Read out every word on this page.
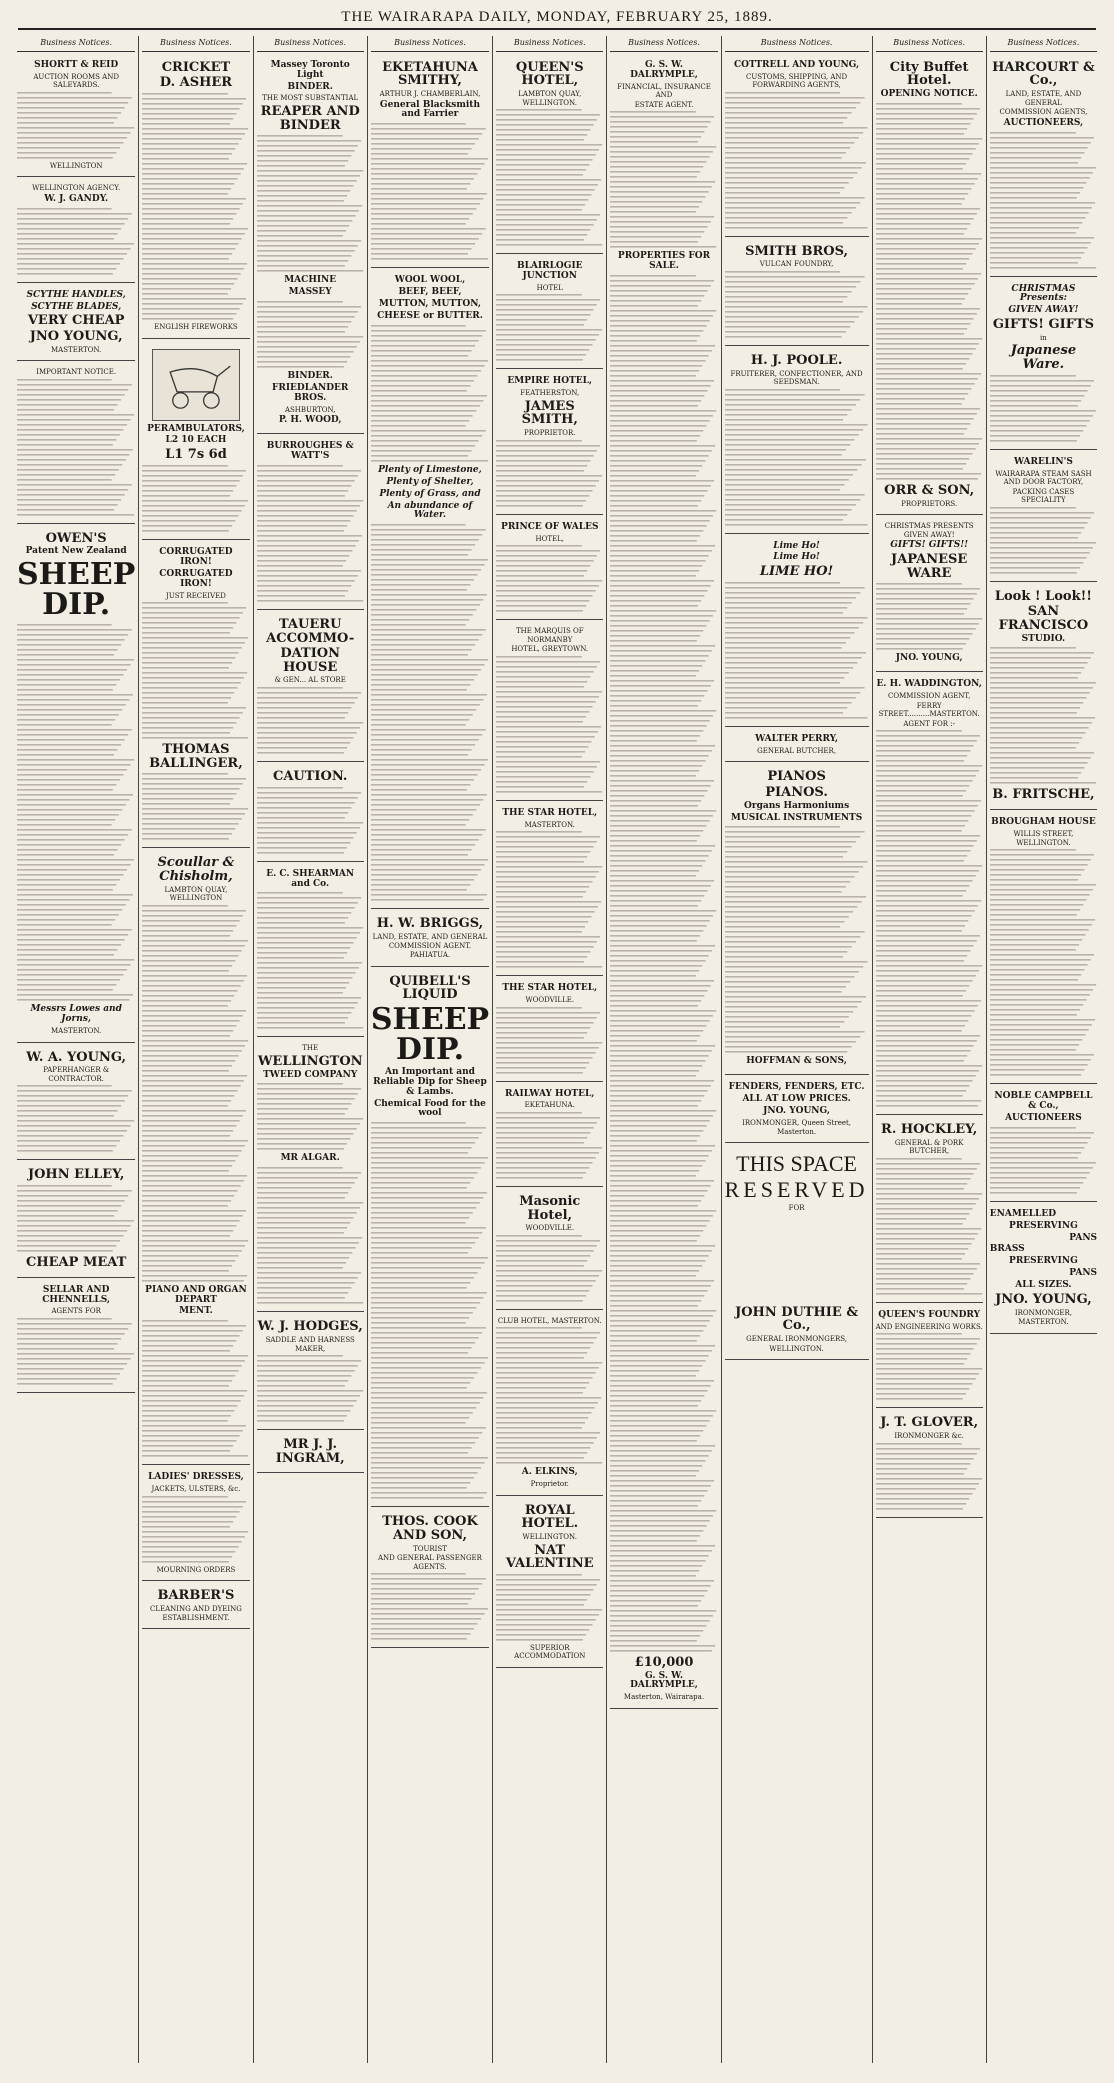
THE WAIRARAPA DAILY, MONDAY, FEBRUARY 25, 1889.
Business Notices.
SHORTT & REID
AUCTION ROOMS AND SALEYARDS.
WELLINGTON
WELLINGTON AGENCY.
W. J. GANDY.
SCYTHE HANDLES,
SCYTHE BLADES,
VERY CHEAP
JNO YOUNG,
MASTERTON.
IMPORTANT NOTICE.
OWEN'S
Patent New Zealand
SHEEP DIP.
Messrs Lowes and Jorns,
MASTERTON.
W. A. YOUNG,
PAPERHANGER & CONTRACTOR.
JOHN ELLEY,
CHEAP MEAT
SELLAR AND CHENNELLS,
AGENTS FOR
Business Notices.
CRICKET
D. ASHER
ENGLISH FIREWORKS
PERAMBULATORS,
L2 10 EACH
L1 7s 6d
CORRUGATED IRON!
CORRUGATED IRON!
JUST RECEIVED
THOMAS BALLINGER,
Scoullar & Chisholm,
LAMBTON QUAY, WELLINGTON
PIANO AND ORGAN DEPART
MENT.
LADIES' DRESSES,
JACKETS, ULSTERS, &c.
MOURNING ORDERS
BARBER'S
CLEANING AND DYEING ESTABLISHMENT.
Business Notices.
Massey Toronto Light
BINDER.
THE MOST SUBSTANTIAL
REAPER AND BINDER
MACHINE
MASSEY
BINDER.
FRIEDLANDER BROS.
ASHBURTON,
P. H. WOOD,
BURROUGHES & WATT'S
TAUERU ACCOMMO-
DATION HOUSE
& GEN... AL STORE
CAUTION.
E. C. SHEARMAN and Co.
THE
WELLINGTON
TWEED COMPANY
MR ALGAR.
W. J. HODGES,
SADDLE AND HARNESS MAKER,
MR J. J. INGRAM,
Business Notices.
EKETAHUNA SMITHY,
ARTHUR J. CHAMBERLAIN,
General Blacksmith and Farrier
WOOL WOOL,
BEEF, BEEF,
MUTTON, MUTTON,
CHEESE or BUTTER.
Plenty of Limestone,
Plenty of Shelter,
Plenty of Grass, and
An abundance of Water.
H. W. BRIGGS,
LAND, ESTATE, AND GENERAL COMMISSION AGENT.
PAHIATUA.
QUIBELL'S LIQUID
SHEEP DIP.
An Important and Reliable Dip for Sheep & Lambs.
Chemical Food for the wool
THOS. COOK AND SON,
TOURIST
AND GENERAL PASSENGER AGENTS.
Business Notices.
QUEEN'S HOTEL,
LAMBTON QUAY, WELLINGTON.
BLAIRLOGIE JUNCTION
HOTEL
EMPIRE HOTEL,
FEATHERSTON,
JAMES SMITH,
PROPRIETOR.
PRINCE OF WALES
HOTEL,
THE MARQUIS OF NORMANBY
HOTEL, GREYTOWN.
THE STAR HOTEL,
MASTERTON.
THE STAR HOTEL,
WOODVILLE.
RAILWAY HOTEL,
EKETAHUNA.
Masonic Hotel,
WOODVILLE.
CLUB HOTEL, MASTERTON.
A. ELKINS,
Proprietor.
ROYAL HOTEL.
WELLINGTON.
NAT VALENTINE
SUPERIOR ACCOMMODATION
Business Notices.
G. S. W. DALRYMPLE,
FINANCIAL, INSURANCE AND
ESTATE AGENT.
PROPERTIES FOR SALE.
£10,000
G. S. W. DALRYMPLE,
Masterton, Wairarapa.
Business Notices.
COTTRELL AND YOUNG,
CUSTOMS, SHIPPING, AND FORWARDING AGENTS,
SMITH BROS,
VULCAN FOUNDRY,
H. J. POOLE.
FRUITERER, CONFECTIONER, AND SEEDSMAN.
Lime Ho!
Lime Ho!
LIME HO!
WALTER PERRY,
GENERAL BUTCHER,
PIANOS
PIANOS.
Organs Harmoniums
MUSICAL INSTRUMENTS
HOFFMAN & SONS,
FENDERS, FENDERS, ETC.
ALL AT LOW PRICES.
JNO. YOUNG,
IRONMONGER, Queen Street, Masterton.
THIS SPACE
RESERVED
FOR
JOHN DUTHIE & Co.,
GENERAL IRONMONGERS,
WELLINGTON.
Business Notices.
City Buffet Hotel.
OPENING NOTICE.
ORR & SON,
PROPRIETORS.
CHRISTMAS PRESENTS GIVEN AWAY!
GIFTS! GIFTS!!
JAPANESE WARE
JNO. YOUNG,
E. H. WADDINGTON,
COMMISSION AGENT,
FERRY STREET..........MASTERTON.
AGENT FOR :-
R. HOCKLEY,
GENERAL & PORK BUTCHER,
QUEEN'S FOUNDRY
AND ENGINEERING WORKS.
J. T. GLOVER,
IRONMONGER &c.
Business Notices.
HARCOURT & Co.,
LAND, ESTATE, AND GENERAL
COMMISSION AGENTS,
AUCTIONEERS,
CHRISTMAS Presents:
GIVEN AWAY!
GIFTS! GIFTS
in
Japanese Ware.
WARELIN'S
WAIRARAPA STEAM SASH AND DOOR FACTORY,
PACKING CASES SPECIALITY
Look ! Look!!
SAN FRANCISCO
STUDIO.
B. FRITSCHE,
BROUGHAM HOUSE
WILLIS STREET, WELLINGTON.
NOBLE CAMPBELL & Co.,
AUCTIONEERS
ENAMELLED
PRESERVING
PANS
BRASS
PRESERVING
PANS
ALL SIZES.
JNO. YOUNG,
IRONMONGER,
MASTERTON.
